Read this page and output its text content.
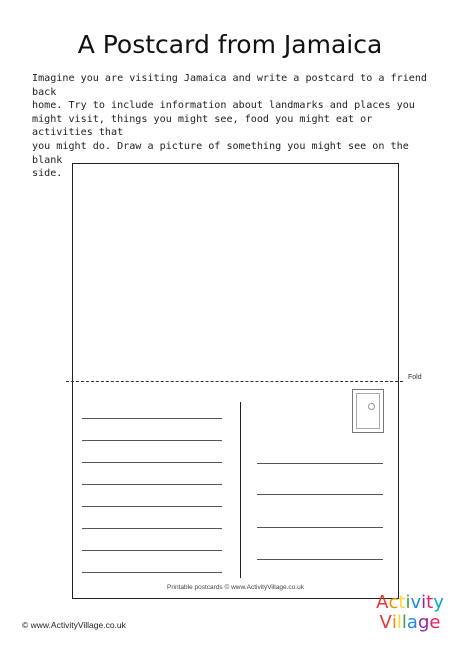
A Postcard from Jamaica
Imagine you are visiting Jamaica and write a postcard to a friend back
home. Try to include information about landmarks and places you
might visit, things you might see, food you might eat or activities that
you might do. Draw a picture of something you might see on the blank
side.
Fold
Printable postcards © www.ActivityVillage.co.uk
© www.ActivityVillage.co.uk
Activity
Village
